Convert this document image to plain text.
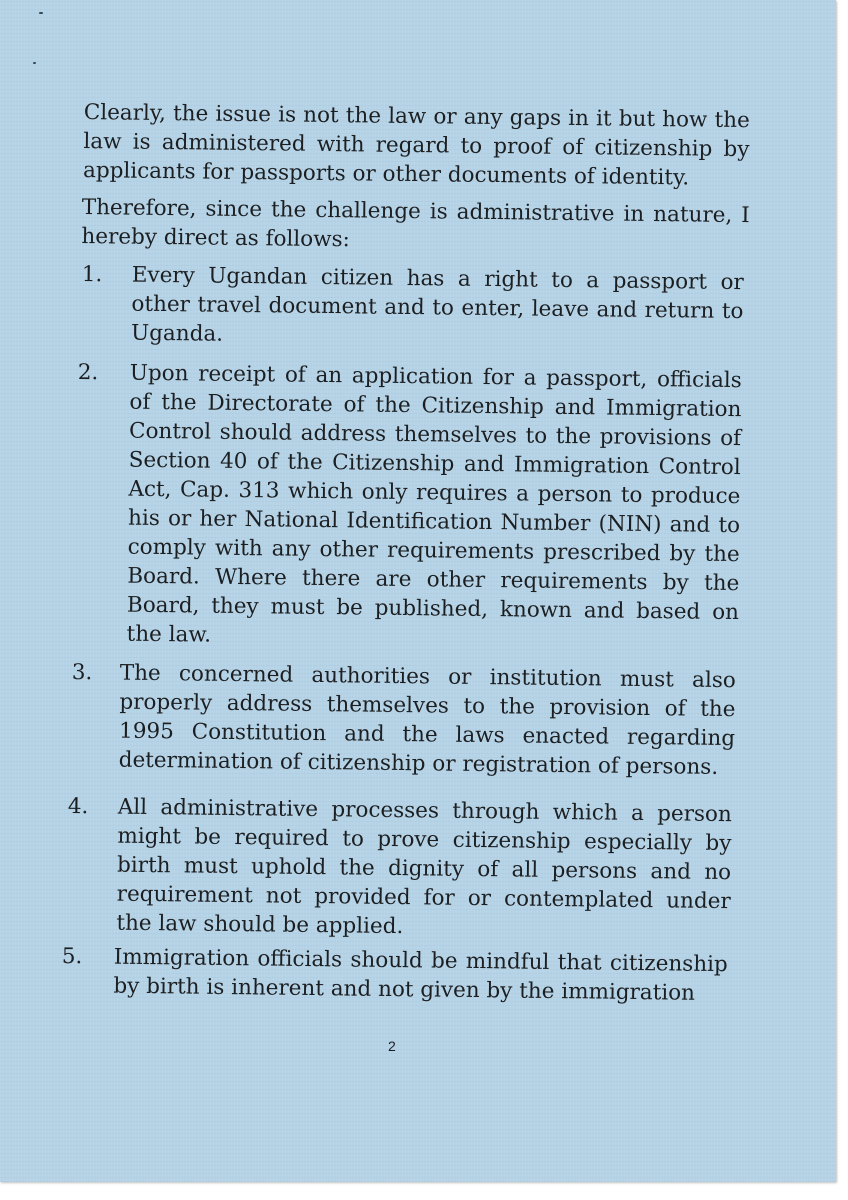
Clearly, the issue is not the law or any gaps in it but how the law is administered with regard to proof of citizenship by applicants for passports or other documents of identity.

Therefore, since the challenge is administrative in nature, I hereby direct as follows:

1. Every Ugandan citizen has a right to a passport or other travel document and to enter, leave and return to Uganda.

2. Upon receipt of an application for a passport, officials of the Directorate of the Citizenship and Immigration Control should address themselves to the provisions of Section 40 of the Citizenship and Immigration Control Act, Cap. 313 which only requires a person to produce his or her National Identification Number (NIN) and to comply with any other requirements prescribed by the Board. Where there are other requirements by the Board, they must be published, known and based on the law.

3. The concerned authorities or institution must also properly address themselves to the provision of the 1995 Constitution and the laws enacted regarding determination of citizenship or registration of persons.

4. All administrative processes through which a person might be required to prove citizenship especially by birth must uphold the dignity of all persons and no requirement not provided for or contemplated under the law should be applied.

5. Immigration officials should be mindful that citizenship by birth is inherent and not given by the immigration

2
